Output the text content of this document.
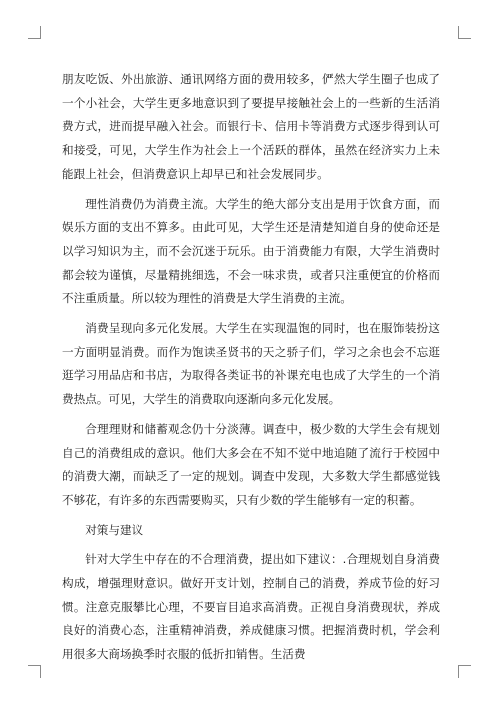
朋友吃饭、外出旅游、通讯网络方面的费用较多，俨然大学生圈子也成了一个小社会，大学生更多地意识到了要提早接触社会上的一些新的生活消费方式，进而提早融入社会。而银行卡、信用卡等消费方式逐步得到认可和接受，可见，大学生作为社会上一个活跃的群体，虽然在经济实力上未能跟上社会，但消费意识上却早已和社会发展同步。

理性消费仍为消费主流。大学生的绝大部分支出是用于饮食方面，而娱乐方面的支出不算多。由此可见，大学生还是清楚知道自身的使命还是以学习知识为主，而不会沉迷于玩乐。由于消费能力有限，大学生消费时都会较为谨慎，尽量精挑细选，不会一味求贵，或者只注重便宜的价格而不注重质量。所以较为理性的消费是大学生消费的主流。

消费呈现向多元化发展。大学生在实现温饱的同时，也在服饰装扮这一方面明显消费。而作为饱读圣贤书的天之骄子们，学习之余也会不忘逛逛学习用品店和书店，为取得各类证书的补课充电也成了大学生的一个消费热点。可见，大学生的消费取向逐渐向多元化发展。

合理理财和储蓄观念仍十分淡薄。调查中，极少数的大学生会有规划自己的消费组成的意识。他们大多会在不知不觉中地追随了流行于校园中的消费大潮，而缺乏了一定的规划。调查中发现，大多数大学生都感觉钱不够花，有许多的东西需要购买，只有少数的学生能够有一定的积蓄。

对策与建议

针对大学生中存在的不合理消费，提出如下建议：.合理规划自身消费构成，增强理财意识。做好开支计划，控制自己的消费，养成节俭的好习惯。注意克服攀比心理，不要盲目追求高消费。正视自身消费现状，养成良好的消费心态，注重精神消费，养成健康习惯。把握消费时机，学会利用很多大商场换季时衣服的低折扣销售。生活费
